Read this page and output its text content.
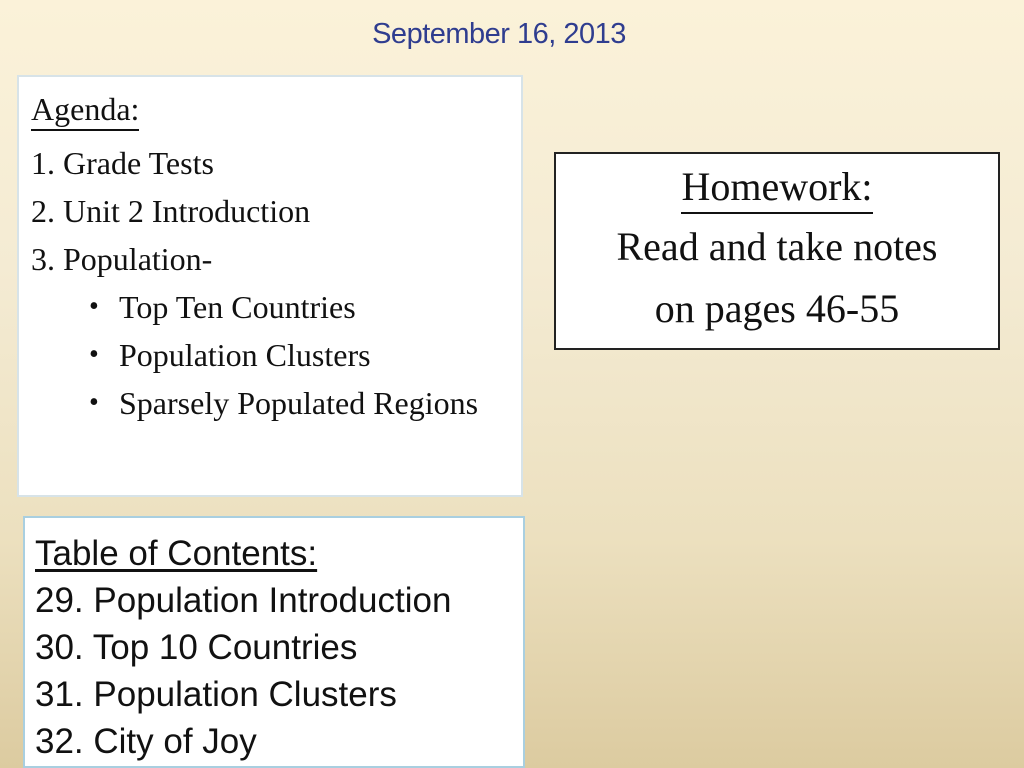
September 16, 2013
Agenda:
1. Grade Tests
2. Unit 2 Introduction
3. Population-
• Top Ten Countries
• Population Clusters
• Sparsely Populated Regions
Homework:
Read and take notes
on pages 46-55
Table of Contents:
29. Population Introduction
30. Top 10 Countries
31. Population Clusters
32. City of Joy
